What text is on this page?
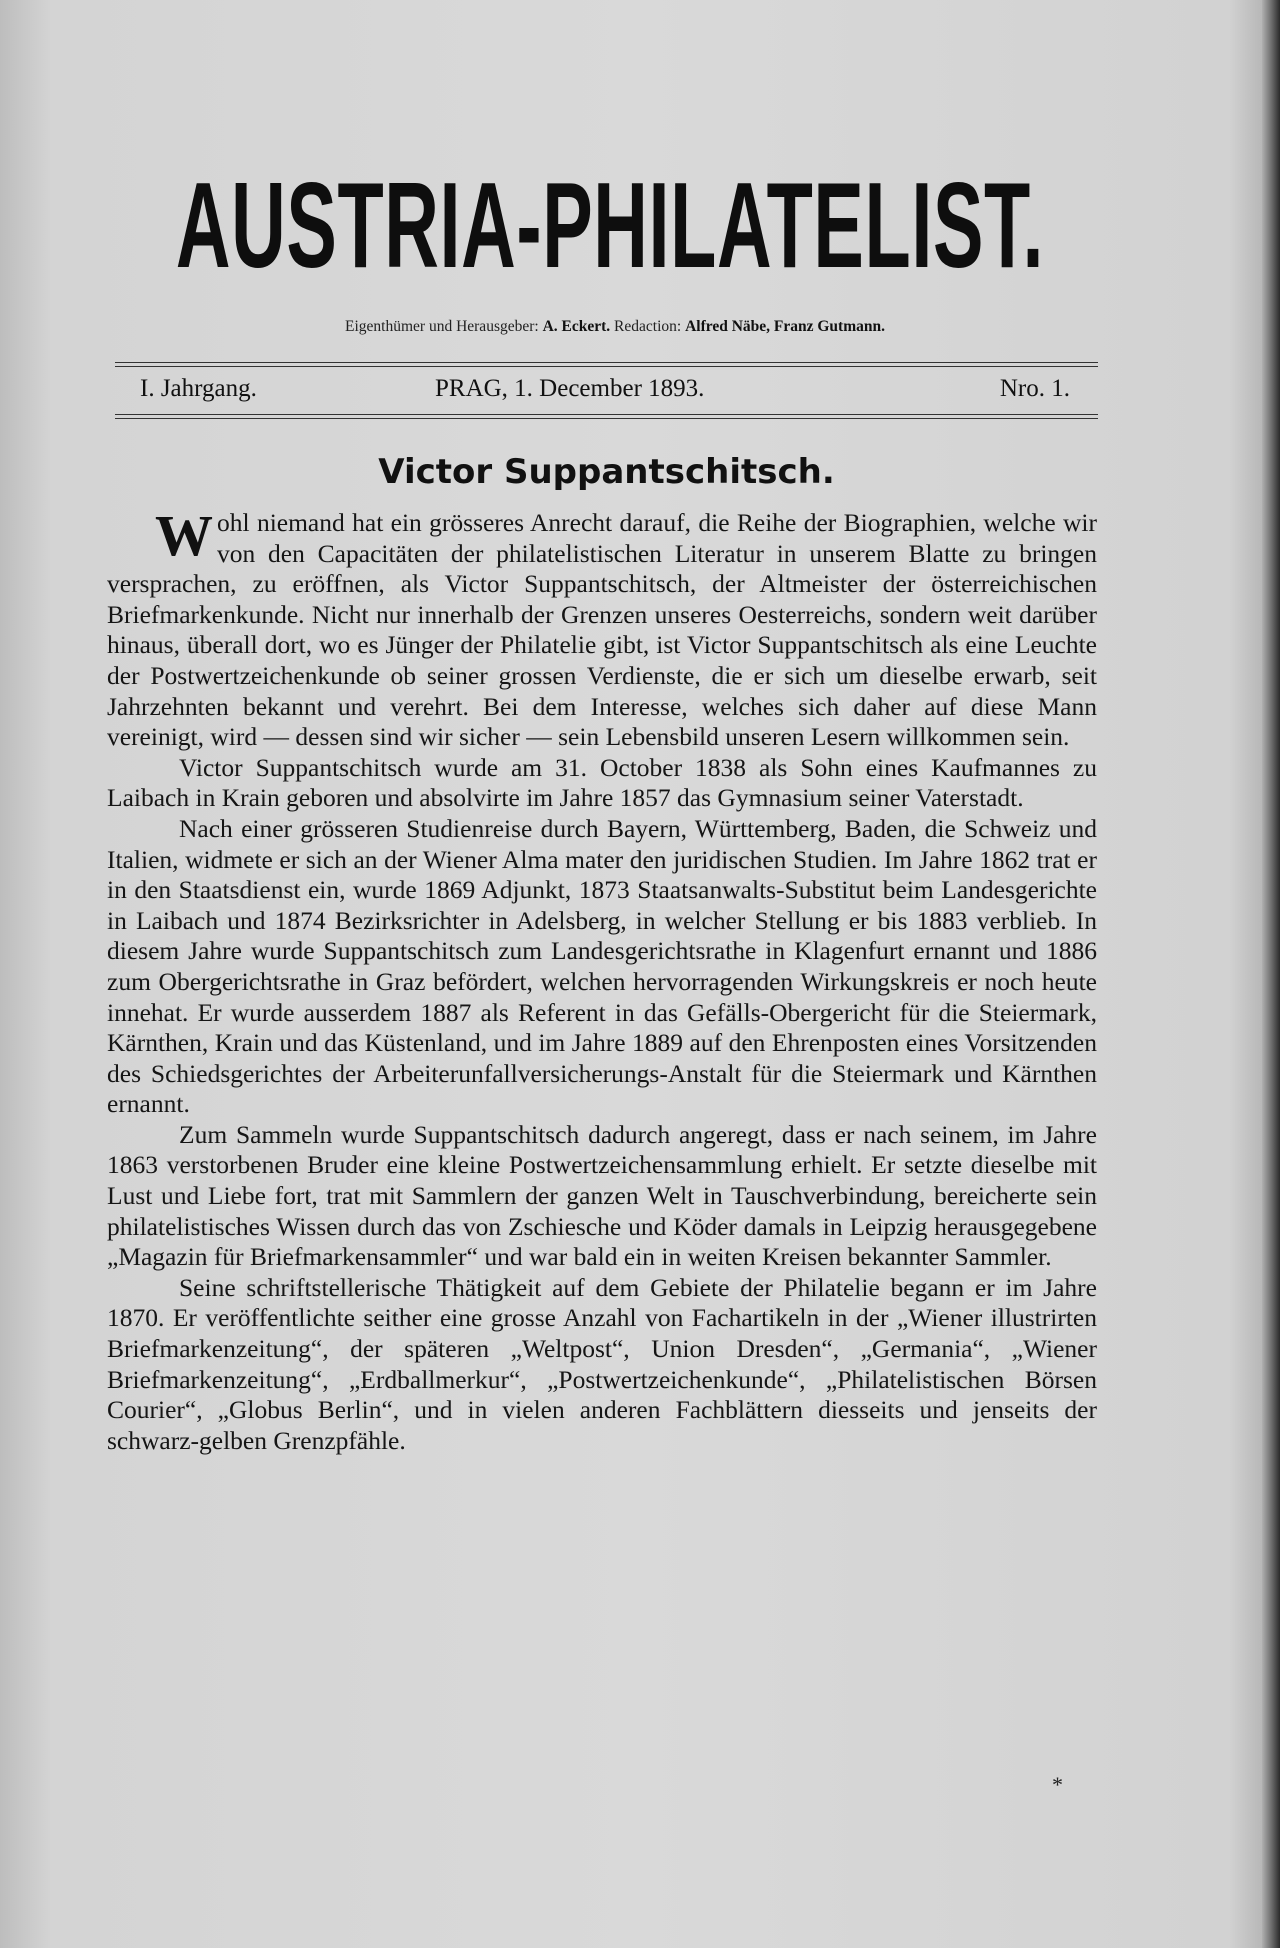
AUSTRIA-PHILATELIST.
Eigenthümer und Herausgeber: A. Eckert. Redaction: Alfred Näbe, Franz Gutmann.
I. Jahrgang.	PRAG, 1. December 1893.	Nro. 1.
Victor Suppantschitsch.

Wohl niemand hat ein grösseres Anrecht darauf, die Reihe der Biographien, welche wir von den Capacitäten der philatelistischen Literatur in unserem Blatte zu bringen versprachen, zu eröffnen, als Victor Suppantschitsch, der Altmeister der österreichischen Briefmarkenkunde. Nicht nur innerhalb der Grenzen unseres Oesterreichs, sondern weit darüber hinaus, überall dort, wo es Jünger der Philatelie gibt, ist Victor Suppantschitsch als eine Leuchte der Postwertzeichenkunde ob seiner grossen Verdienste, die er sich um dieselbe erwarb, seit Jahrzehnten bekannt und verehrt. Bei dem Interesse, welches sich daher auf diese Mann vereinigt, wird — dessen sind wir sicher — sein Lebensbild unseren Lesern willkommen sein.

Victor Suppantschitsch wurde am 31. October 1838 als Sohn eines Kaufmannes zu Laibach in Krain geboren und absolvirte im Jahre 1857 das Gymnasium seiner Vaterstadt.

Nach einer grösseren Studienreise durch Bayern, Württemberg, Baden, die Schweiz und Italien, widmete er sich an der Wiener Alma mater den juridischen Studien. Im Jahre 1862 trat er in den Staatsdienst ein, wurde 1869 Adjunkt, 1873 Staatsanwalts-Substitut beim Landesgerichte in Laibach und 1874 Bezirksrichter in Adelsberg, in welcher Stellung er bis 1883 verblieb. In diesem Jahre wurde Suppantschitsch zum Landesgerichtsrathe in Klagenfurt ernannt und 1886 zum Obergerichtsrathe in Graz befördert, welchen hervorragenden Wirkungskreis er noch heute innehat. Er wurde ausserdem 1887 als Referent in das Gefälls-Obergericht für die Steiermark, Kärnthen, Krain und das Küstenland, und im Jahre 1889 auf den Ehrenposten eines Vorsitzenden des Schiedsgerichtes der Arbeiterunfallversicherungs-Anstalt für die Steiermark und Kärnthen ernannt.

Zum Sammeln wurde Suppantschitsch dadurch angeregt, dass er nach seinem, im Jahre 1863 verstorbenen Bruder eine kleine Postwertzeichensammlung erhielt. Er setzte dieselbe mit Lust und Liebe fort, trat mit Sammlern der ganzen Welt in Tauschverbindung, bereicherte sein philatelistisches Wissen durch das von Zschiesche und Köder damals in Leipzig herausgegebene „Magazin für Briefmarkensammler“ und war bald ein in weiten Kreisen bekannter Sammler.

Seine schriftstellerische Thätigkeit auf dem Gebiete der Philatelie begann er im Jahre 1870. Er veröffentlichte seither eine grosse Anzahl von Fachartikeln in der „Wiener illustrirten Briefmarkenzeitung“, der späteren „Weltpost“, Union Dresden“, „Germania“, „Wiener Briefmarkenzeitung“, „Erdballmerkur“, „Postwertzeichenkunde“, „Philatelistischen Börsen Courier“, „Globus Berlin“, und in vielen anderen Fachblättern diesseits und jenseits der schwarz-gelben Grenzpfähle.

*
